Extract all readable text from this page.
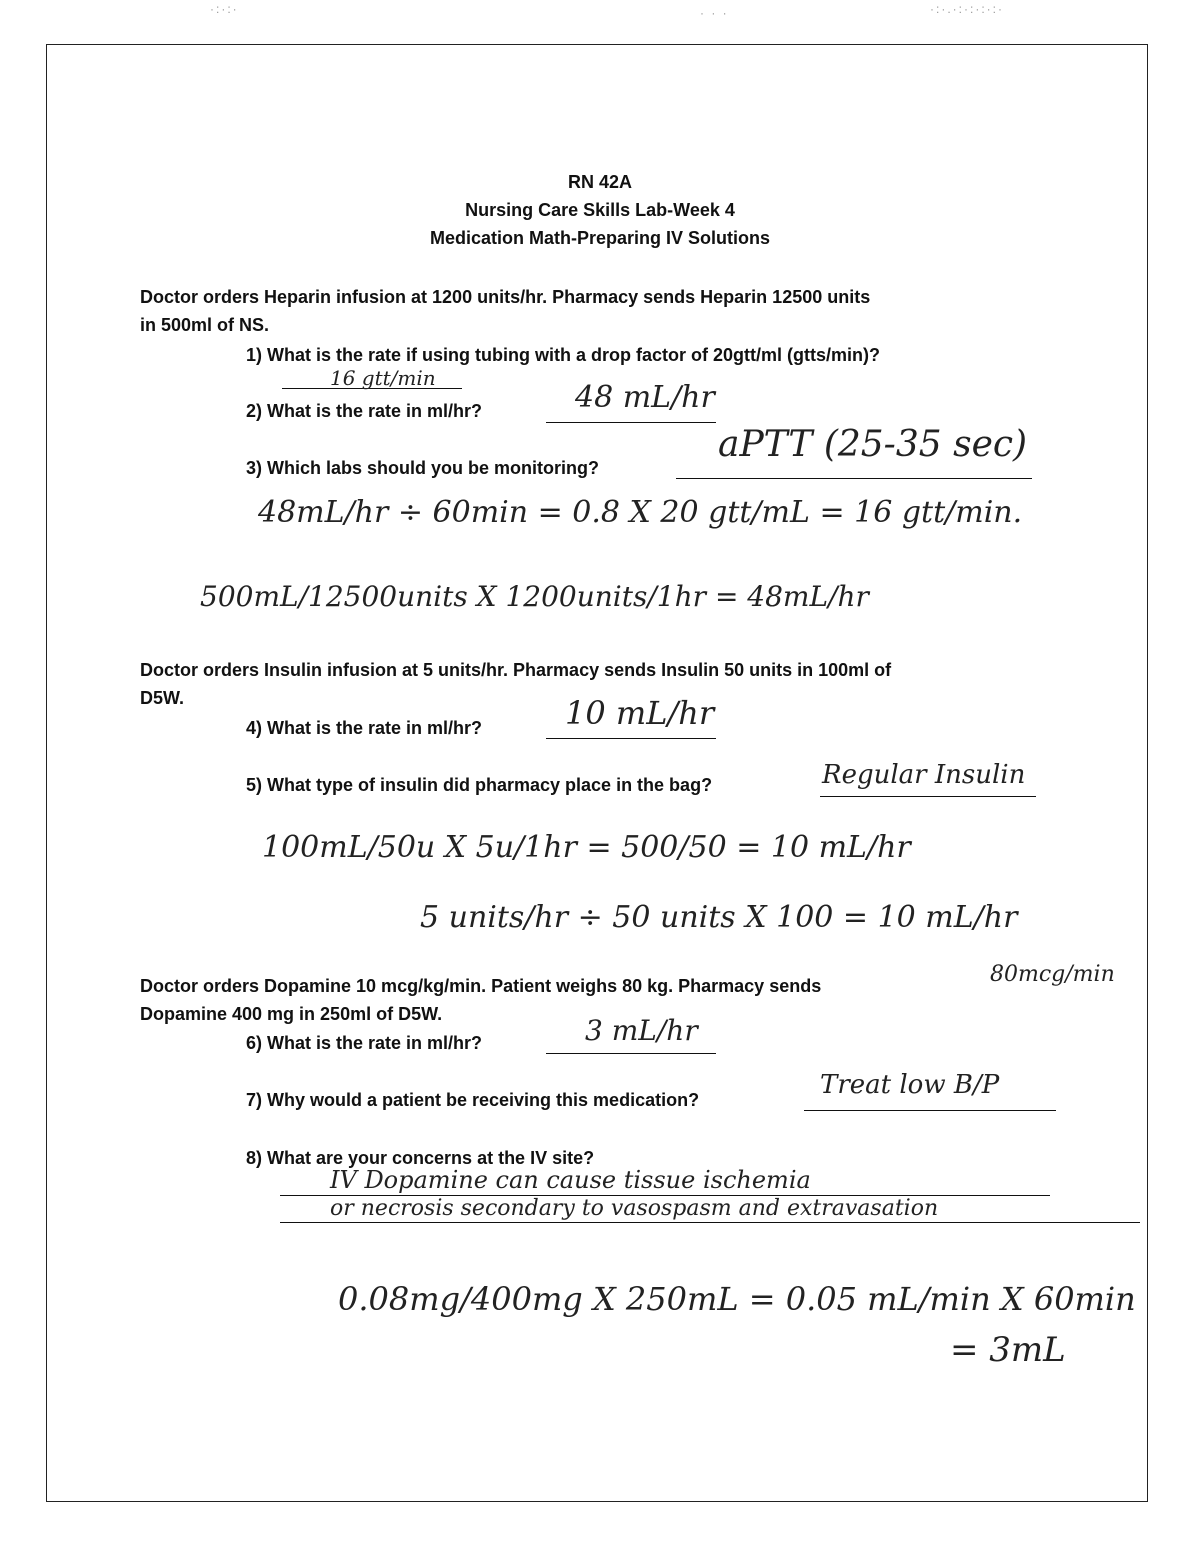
·:·:·	· · ·	·:·.·:·:·:·:·
RN 42A
Nursing Care Skills Lab-Week 4
Medication Math-Preparing IV Solutions
Doctor orders Heparin infusion at 1200 units/hr. Pharmacy sends Heparin 12500 units
in 500ml of NS.
1) What is the rate if using tubing with a drop factor of 20gtt/ml (gtts/min)?
16 gtt/min
2) What is the rate in ml/hr?	48 mL/hr
3) Which labs should you be monitoring?
aPTT (25-35 sec)
48mL/hr ÷ 60min = 0.8 X 20 gtt/mL = 16 gtt/min.
500mL/12500units X 1200units/1hr = 48mL/hr
Doctor orders Insulin infusion at 5 units/hr. Pharmacy sends Insulin 50 units in 100ml of
D5W.
4) What is the rate in ml/hr?	10 mL/hr
5) What type of insulin did pharmacy place in the bag?	Regular Insulin
100mL/50u X 5u/1hr = 500/50 = 10 mL/hr
5 units/hr ÷ 50 units X 100 = 10 mL/hr
Doctor orders Dopamine 10 mcg/kg/min. Patient weighs 80 kg. Pharmacy sends	80mcg/min
Dopamine 400 mg in 250ml of D5W.
6) What is the rate in ml/hr?	3 mL/hr
7) Why would a patient be receiving this medication?	Treat low B/P
8) What are your concerns at the IV site?
IV Dopamine can cause tissue ischemia
or necrosis secondary to vasospasm and extravasation
0.08mg/400mg X 250mL = 0.05 mL/min X 60min
= 3mL
